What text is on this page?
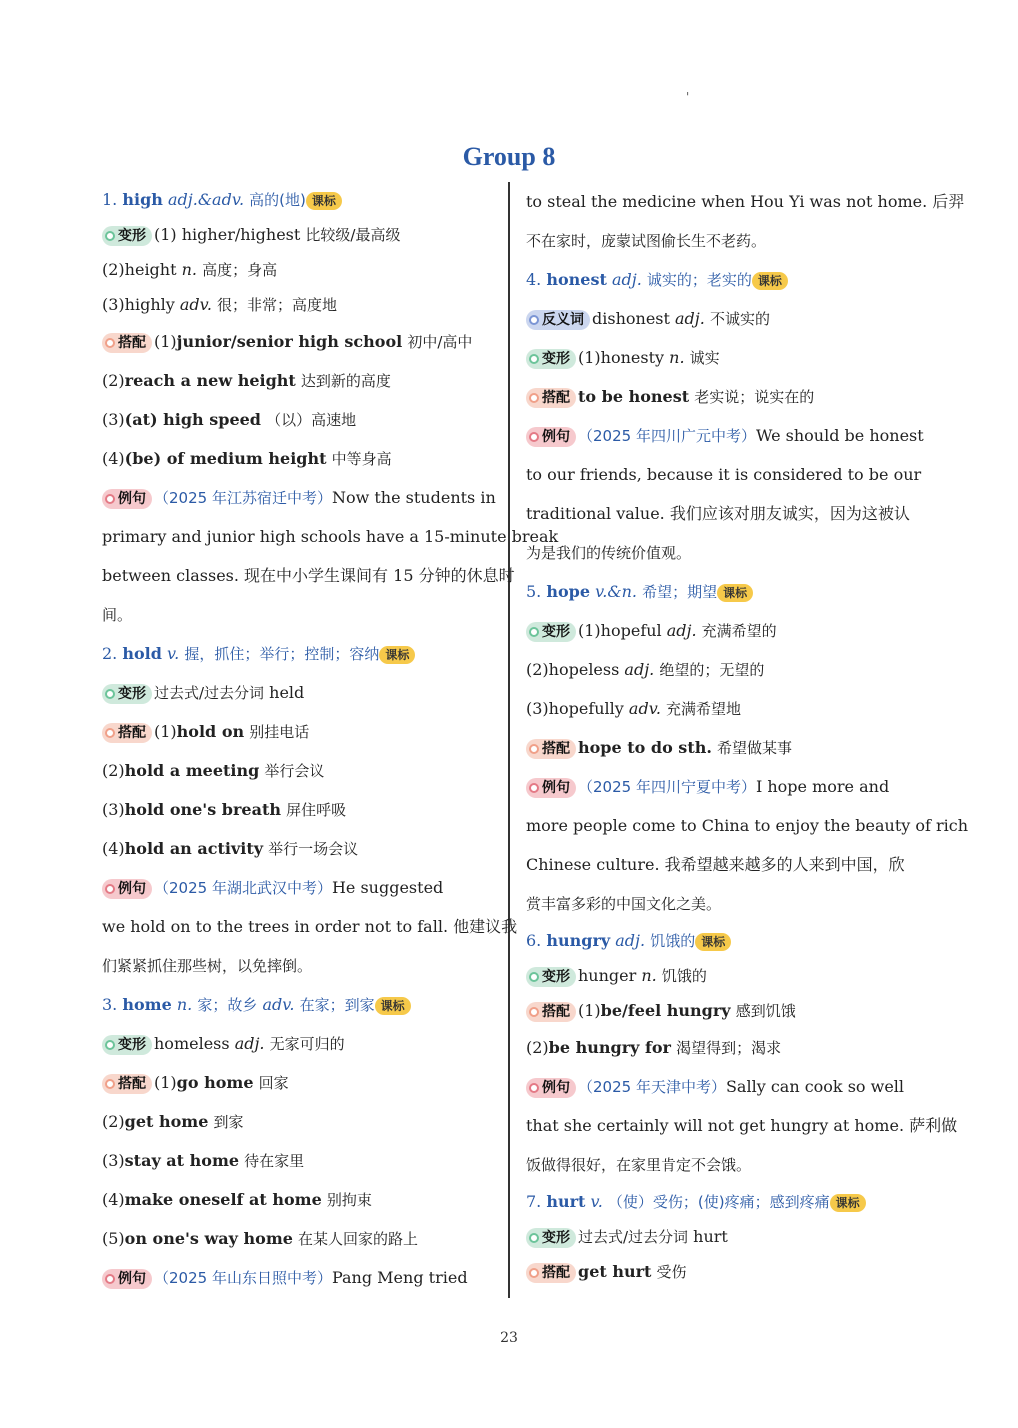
'
Group 8
1. high adj.&adv. 高的(地) 课标
变形 (1) higher/highest 比较级/最高级
(2)height n. 高度；身高
(3)highly adv. 很；非常；高度地
搭配 (1)junior/senior high school 初中/高中
(2)reach a new height 达到新的高度
(3)(at) high speed （以）高速地
(4)(be) of medium height 中等身高
例句 （2025 年江苏宿迁中考）Now the students in
primary and junior high schools have a 15-minute break
between classes. 现在中小学生课间有 15 分钟的休息时
间。
2. hold v. 握，抓住；举行；控制；容纳 课标
变形 过去式/过去分词 held
搭配 (1)hold on 别挂电话
(2)hold a meeting 举行会议
(3)hold one's breath 屏住呼吸
(4)hold an activity 举行一场会议
例句 （2025 年湖北武汉中考）He suggested
we hold on to the trees in order not to fall. 他建议我
们紧紧抓住那些树，以免摔倒。
3. home n. 家；故乡 adv. 在家；到家 课标
变形 homeless adj. 无家可归的
搭配 (1)go home 回家
(2)get home 到家
(3)stay at home 待在家里
(4)make oneself at home 别拘束
(5)on one's way home 在某人回家的路上
例句 （2025 年山东日照中考）Pang Meng tried
to steal the medicine when Hou Yi was not home. 后羿
不在家时，庞蒙试图偷长生不老药。
4. honest adj. 诚实的；老实的 课标
反义词 dishonest adj. 不诚实的
变形 (1)honesty n. 诚实
搭配 to be honest 老实说；说实在的
例句 （2025 年四川广元中考）We should be honest
to our friends, because it is considered to be our
traditional value. 我们应该对朋友诚实，因为这被认
为是我们的传统价值观。
5. hope v.&n. 希望；期望 课标
变形 (1)hopeful adj. 充满希望的
(2)hopeless adj. 绝望的；无望的
(3)hopefully adv. 充满希望地
搭配 hope to do sth. 希望做某事
例句 （2025 年四川宁夏中考）I hope more and
more people come to China to enjoy the beauty of rich
Chinese culture. 我希望越来越多的人来到中国，欣
赏丰富多彩的中国文化之美。
6. hungry adj. 饥饿的 课标
变形 hunger n. 饥饿的
搭配 (1)be/feel hungry 感到饥饿
(2)be hungry for 渴望得到；渴求
例句 （2025 年天津中考）Sally can cook so well
that she certainly will not get hungry at home. 萨利做
饭做得很好，在家里肯定不会饿。
7. hurt v. （使）受伤；(使)疼痛；感到疼痛 课标
变形 过去式/过去分词 hurt
搭配 get hurt 受伤
23
